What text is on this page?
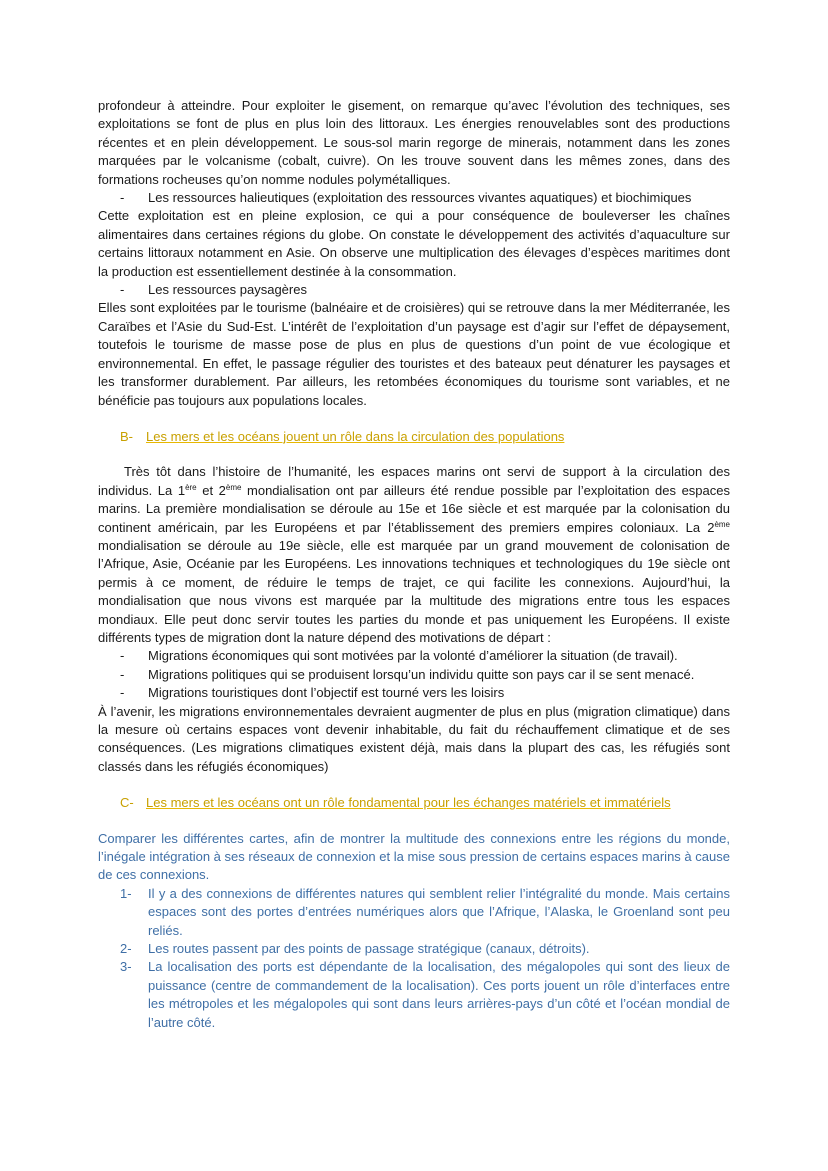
profondeur à atteindre. Pour exploiter le gisement, on remarque qu’avec l’évolution des techniques, ses exploitations se font de plus en plus loin des littoraux. Les énergies renouvelables sont des productions récentes et en plein développement. Le sous-sol marin regorge de minerais, notamment dans les zones marquées par le volcanisme (cobalt, cuivre). On les trouve souvent dans les mêmes zones, dans des formations rocheuses qu’on nomme nodules polymétalliques.

-	Les ressources halieutiques (exploitation des ressources vivantes aquatiques) et biochimiques

Cette exploitation est en pleine explosion, ce qui a pour conséquence de bouleverser les chaînes alimentaires dans certaines régions du globe. On constate le développement des activités d’aquaculture sur certains littoraux notamment en Asie. On observe une multiplication des élevages d’espèces maritimes dont la production est essentiellement destinée à la consommation.

-	Les ressources paysagères

Elles sont exploitées par le tourisme (balnéaire et de croisières) qui se retrouve dans la mer Méditerranée, les Caraïbes et l’Asie du Sud-Est. L’intérêt de l’exploitation d’un paysage est d’agir sur l’effet de dépaysement, toutefois le tourisme de masse pose de plus en plus de questions d’un point de vue écologique et environnemental. En effet, le passage régulier des touristes et des bateaux peut dénaturer les paysages et les transformer durablement. Par ailleurs, les retombées économiques du tourisme sont variables, et ne bénéficie pas toujours aux populations locales.

B- Les mers et les océans jouent un rôle dans la circulation des populations

Très tôt dans l’histoire de l’humanité, les espaces marins ont servi de support à la circulation des individus. La 1ère et 2ème mondialisation ont par ailleurs été rendue possible par l’exploitation des espaces marins. La première mondialisation se déroule au 15e et 16e siècle et est marquée par la colonisation du continent américain, par les Européens et par l’établissement des premiers empires coloniaux. La 2ème mondialisation se déroule au 19e siècle, elle est marquée par un grand mouvement de colonisation de l’Afrique, Asie, Océanie par les Européens. Les innovations techniques et technologiques du 19e siècle ont permis à ce moment, de réduire le temps de trajet, ce qui facilite les connexions. Aujourd’hui, la mondialisation que nous vivons est marquée par la multitude des migrations entre tous les espaces mondiaux. Elle peut donc servir toutes les parties du monde et pas uniquement les Européens. Il existe différents types de migration dont la nature dépend des motivations de départ :

-	Migrations économiques qui sont motivées par la volonté d’améliorer la situation (de travail).
-	Migrations politiques qui se produisent lorsqu’un individu quitte son pays car il se sent menacé.
-	Migrations touristiques dont l’objectif est tourné vers les loisirs

À l’avenir, les migrations environnementales devraient augmenter de plus en plus (migration climatique) dans la mesure où certains espaces vont devenir inhabitable, du fait du réchauffement climatique et de ses conséquences. (Les migrations climatiques existent déjà, mais dans la plupart des cas, les réfugiés sont classés dans les réfugiés économiques)

C- Les mers et les océans ont un rôle fondamental pour les échanges matériels et immatériels

Comparer les différentes cartes, afin de montrer la multitude des connexions entre les régions du monde, l’inégale intégration à ses réseaux de connexion et la mise sous pression de certains espaces marins à cause de ces connexions.

1-	Il y a des connexions de différentes natures qui semblent relier l’intégralité du monde. Mais certains espaces sont des portes d’entrées numériques alors que l’Afrique, l’Alaska, le Groenland sont peu reliés.
2-	Les routes passent par des points de passage stratégique (canaux, détroits).
3-	La localisation des ports est dépendante de la localisation, des mégalopoles qui sont des lieux de puissance (centre de commandement de la localisation). Ces ports jouent un rôle d’interfaces entre les métropoles et les mégalopoles qui sont dans leurs arrières-pays d’un côté et l’océan mondial de l’autre côté.
